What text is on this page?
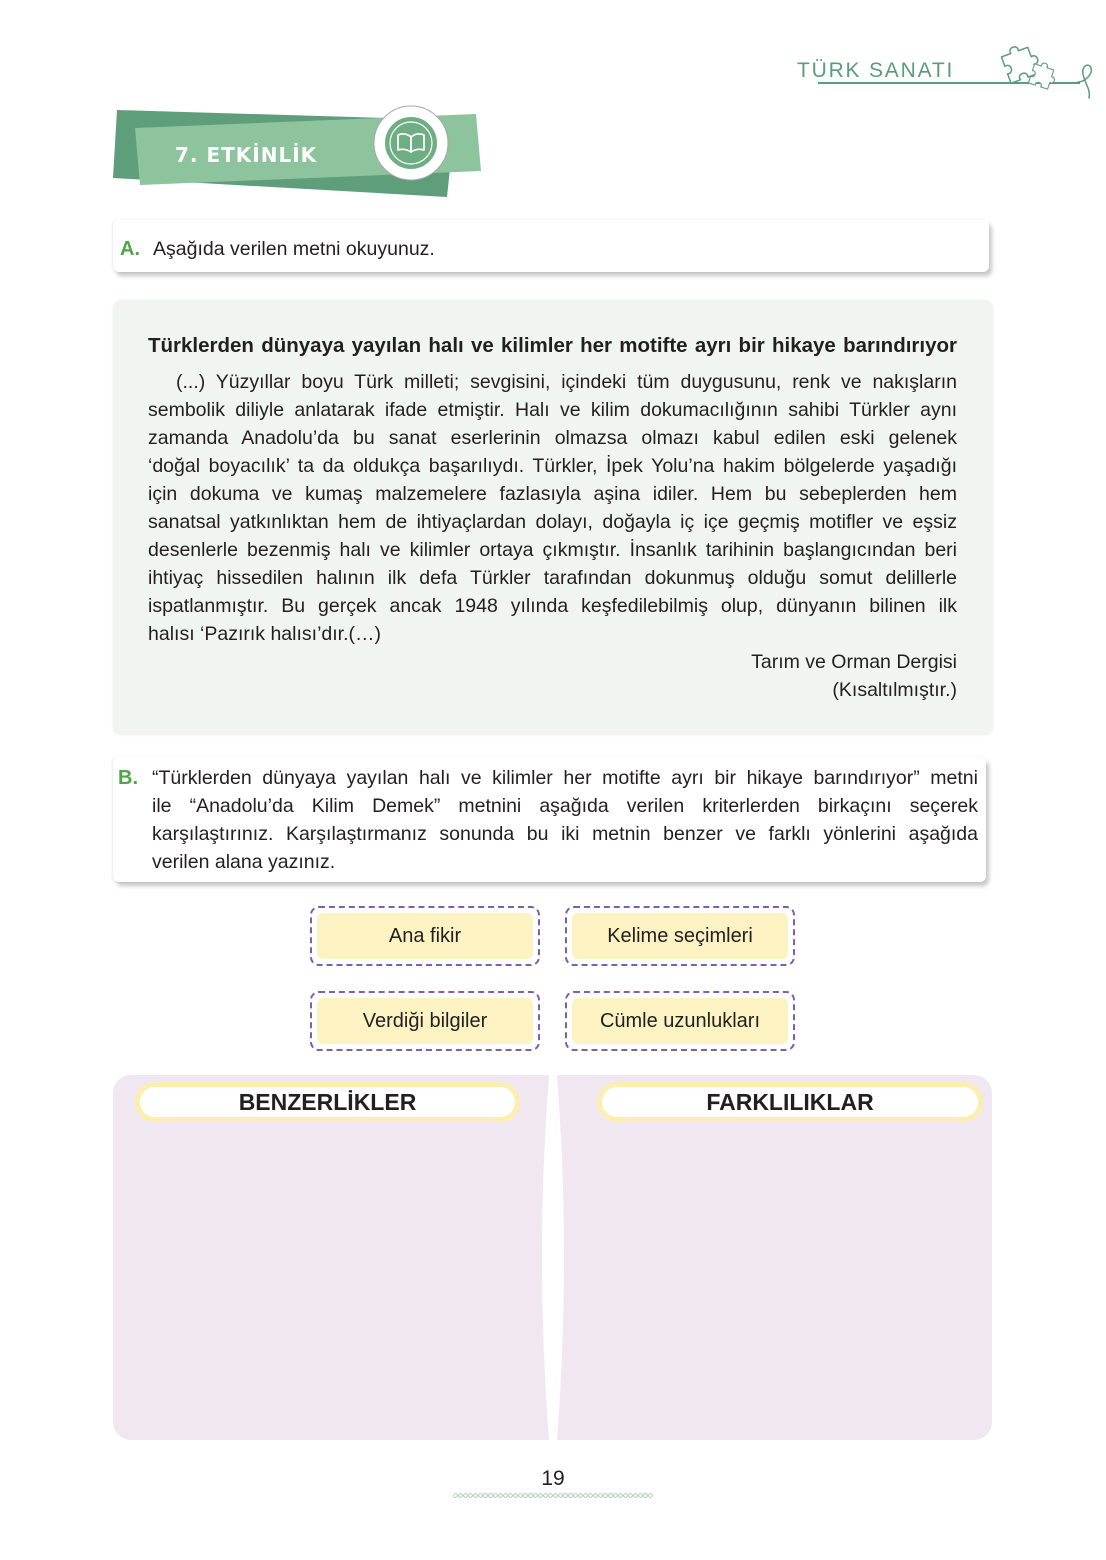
TÜRK SANATI
7. ETKİNLİK
A. Aşağıda verilen metni okuyunuz.
Türklerden dünyaya yayılan halı ve kilimler her motifte ayrı bir hikaye barındırıyor
(...) Yüzyıllar boyu Türk milleti; sevgisini, içindeki tüm duygusunu, renk ve nakışların
sembolik diliyle anlatarak ifade etmiştir. Halı ve kilim dokumacılığının sahibi Türkler aynı
zamanda Anadolu’da bu sanat eserlerinin olmazsa olmazı kabul edilen eski gelenek
‘doğal boyacılık’ ta da oldukça başarılıydı. Türkler, İpek Yolu’na hakim bölgelerde yaşadığı
için dokuma ve kumaş malzemelere fazlasıyla aşina idiler. Hem bu sebeplerden hem
sanatsal yatkınlıktan hem de ihtiyaçlardan dolayı, doğayla iç içe geçmiş motifler ve eşsiz
desenlerle bezenmiş halı ve kilimler ortaya çıkmıştır. İnsanlık tarihinin başlangıcından beri
ihtiyaç hissedilen halının ilk defa Türkler tarafından dokunmuş olduğu somut delillerle
ispatlanmıştır. Bu gerçek ancak 1948 yılında keşfedilebilmiş olup, dünyanın bilinen ilk
halısı ‘Pazırık halısı’dır.(…)
Tarım ve Orman Dergisi
(Kısaltılmıştır.)
B. “Türklerden dünyaya yayılan halı ve kilimler her motifte ayrı bir hikaye barındırıyor” metni
ile “Anadolu’da Kilim Demek” metnini aşağıda verilen kriterlerden birkaçını seçerek
karşılaştırınız. Karşılaştırmanız sonunda bu iki metnin benzer ve farklı yönlerini aşağıda
verilen alana yazınız.
Ana fikir	Kelime seçimleri
Verdiği bilgiler	Cümle uzunlukları
BENZERLİKLER	FARKLILIKLAR
19
